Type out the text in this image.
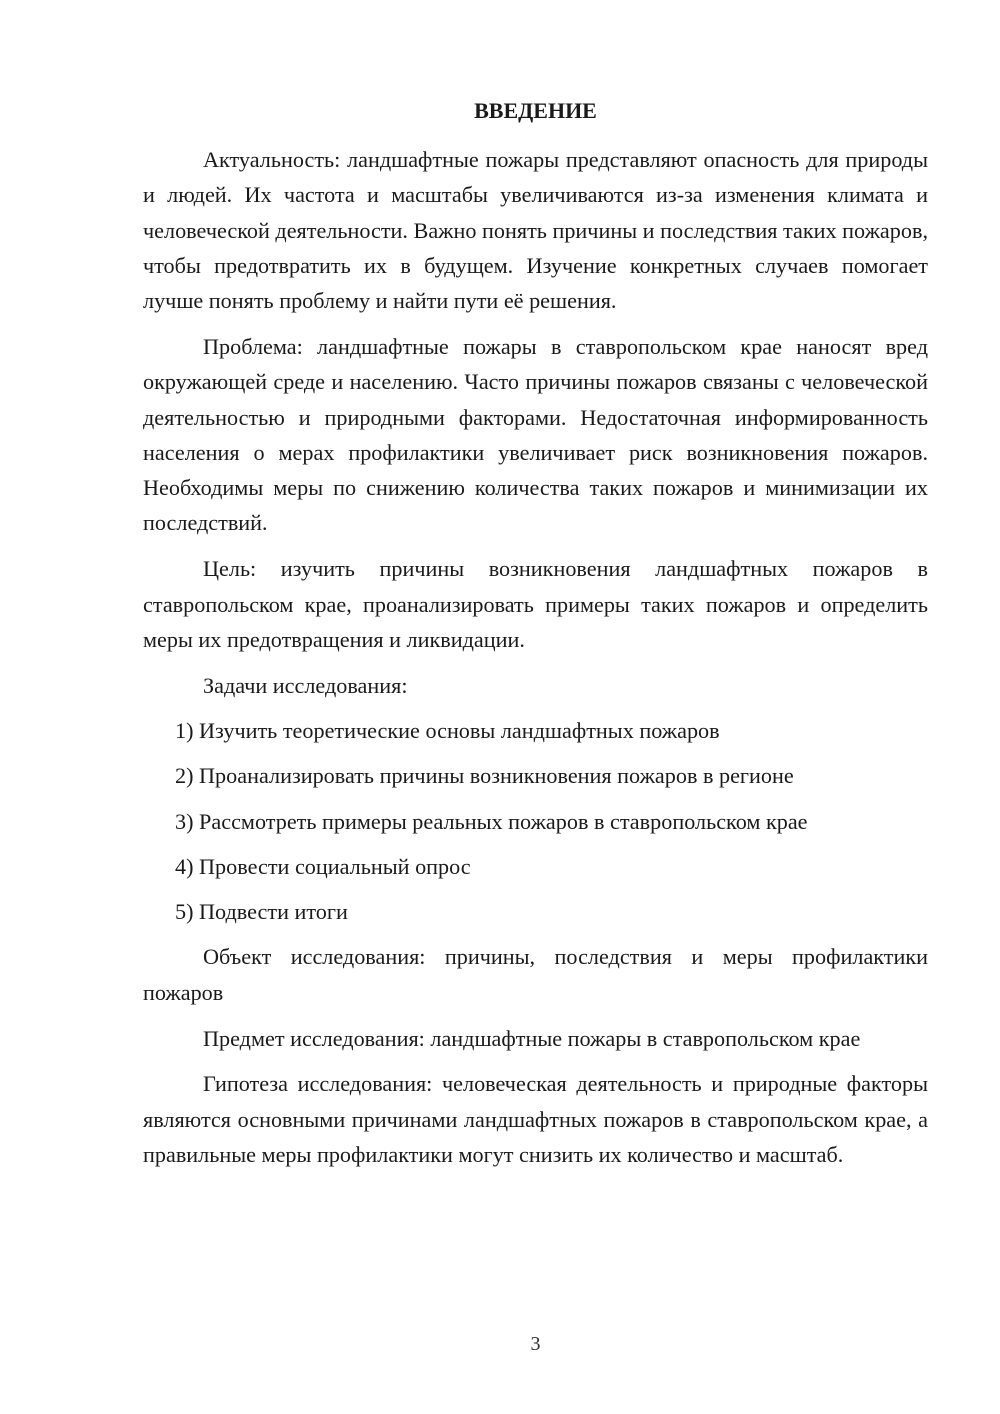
ВВЕДЕНИЕ

Актуальность: ландшафтные пожары представляют опасность для природы и людей. Их частота и масштабы увеличиваются из-за изменения климата и человеческой деятельности. Важно понять причины и последствия таких пожаров, чтобы предотвратить их в будущем. Изучение конкретных случаев помогает лучше понять проблему и найти пути её решения.

Проблема: ландшафтные пожары в ставропольском крае наносят вред окружающей среде и населению. Часто причины пожаров связаны с человеческой деятельностью и природными факторами. Недостаточная информированность населения о мерах профилактики увеличивает риск возникновения пожаров. Необходимы меры по снижению количества таких пожаров и минимизации их последствий.

Цель: изучить причины возникновения ландшафтных пожаров в ставропольском крае, проанализировать примеры таких пожаров и определить меры их предотвращения и ликвидации.

Задачи исследования:

1) Изучить теоретические основы ландшафтных пожаров

2) Проанализировать причины возникновения пожаров в регионе

3) Рассмотреть примеры реальных пожаров в ставропольском крае

4) Провести социальный опрос

5) Подвести итоги

Объект исследования: причины, последствия и меры профилактики пожаров

Предмет исследования: ландшафтные пожары в ставропольском крае

Гипотеза исследования: человеческая деятельность и природные факторы являются основными причинами ландшафтных пожаров в ставропольском крае, а правильные меры профилактики могут снизить их количество и масштаб.

3
